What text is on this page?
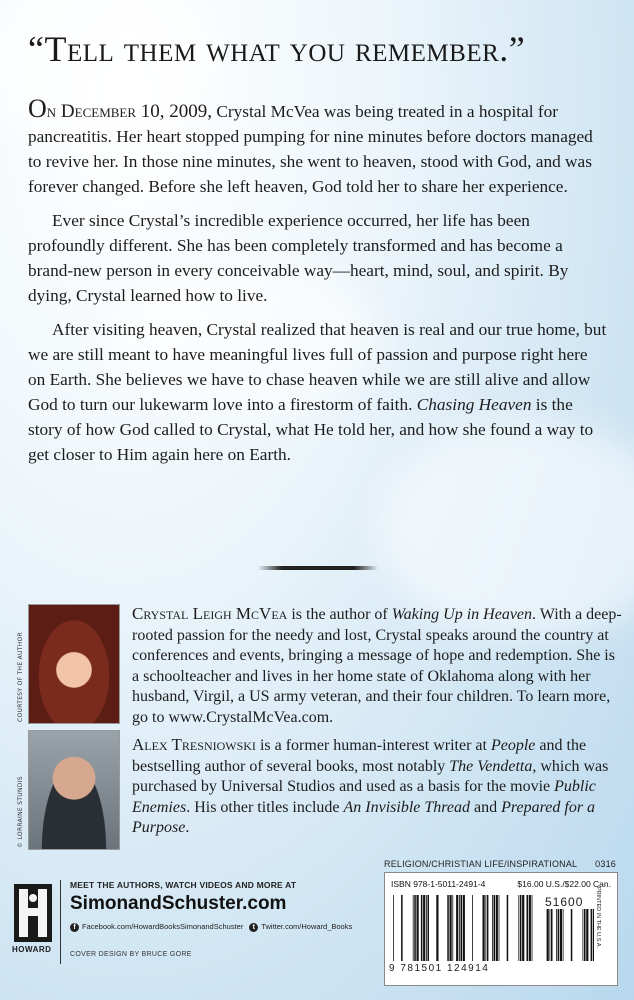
“Tell them what you remember.”

On December 10, 2009, Crystal McVea was being treated in a hospital for pancreatitis. Her heart stopped pumping for nine minutes before doctors managed to revive her. In those nine minutes, she went to heaven, stood with God, and was forever changed. Before she left heaven, God told her to share her experience.

Ever since Crystal’s incredible experience occurred, her life has been profoundly different. She has been completely transformed and has become a brand-new person in every conceivable way—heart, mind, soul, and spirit. By dying, Crystal learned how to live.

After visiting heaven, Crystal realized that heaven is real and our true home, but we are still meant to have meaningful lives full of passion and purpose right here on Earth. She believes we have to chase heaven while we are still alive and allow God to turn our lukewarm love into a firestorm of faith. Chasing Heaven is the story of how God called to Crystal, what He told her, and how she found a way to get closer to Him again here on Earth.

COURTESY OF THE AUTHOR
Crystal Leigh McVea is the author of Waking Up in Heaven. With a deep-rooted passion for the needy and lost, Crystal speaks around the country at conferences and events, bringing a message of hope and redemption. She is a schoolteacher and lives in her home state of Oklahoma along with her husband, Virgil, a US army veteran, and their four children. To learn more, go to www.CrystalMcVea.com.
© LORRAINE STUNDIS
Alex Tresniowski is a former human-interest writer at People and the bestselling author of several books, most notably The Vendetta, which was purchased by Universal Studios and used as a basis for the movie Public Enemies. His other titles include An Invisible Thread and Prepared for a Purpose.
RELIGION/CHRISTIAN LIFE/INSPIRATIONAL 0316
ISBN 978-1-5011-2491-4	$16.00 U.S./$22.00 Can.
51600
9 781501 124914
PRINTED IN THE U.S.A.
HOWARD
MEET THE AUTHORS, WATCH VIDEOS AND MORE AT
SimonandSchuster.com
f Facebook.com/HowardBooksSimonandSchuster	t Twitter.com/Howard_Books
COVER DESIGN BY BRUCE GORE
